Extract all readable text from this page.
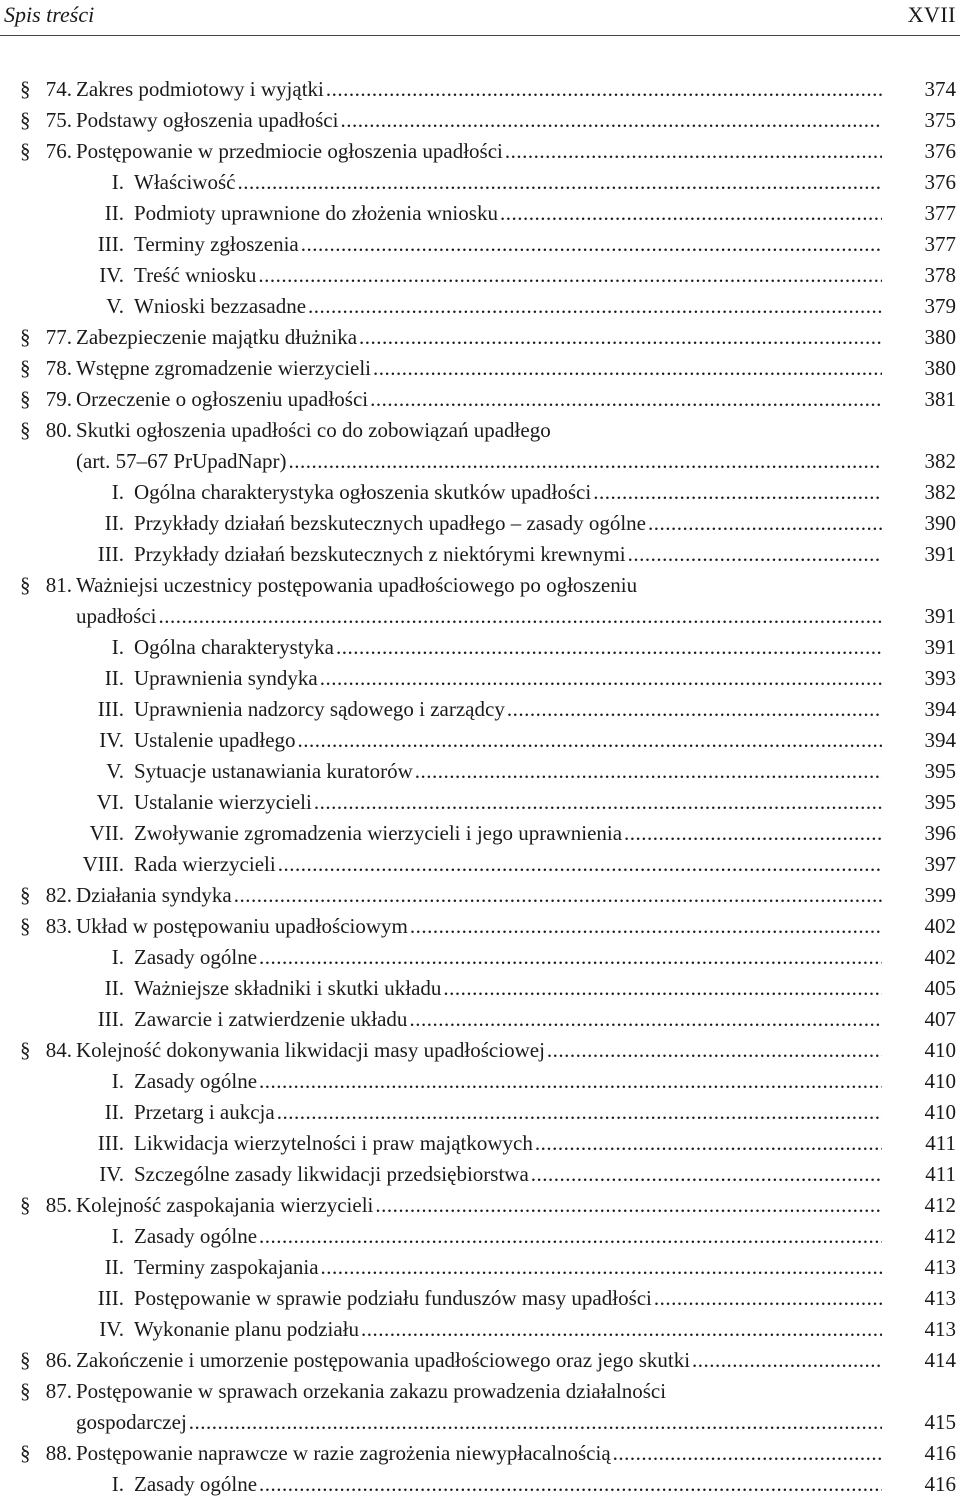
Spis treści	XVII
§ 74. Zakres podmiotowy i wyjątki .....	374
§ 75. Podstawy ogłoszenia upadłości .....	375
§ 76. Postępowanie w przedmiocie ogłoszenia upadłości .....	376
I. Właściwość .....	376
II. Podmioty uprawnione do złożenia wniosku .....	377
III. Terminy zgłoszenia .....	377
IV. Treść wniosku .....	378
V. Wnioski bezzasadne .....	379
§ 77. Zabezpieczenie majątku dłużnika .....	380
§ 78. Wstępne zgromadzenie wierzycieli .....	380
§ 79. Orzeczenie o ogłoszeniu upadłości .....	381
§ 80. Skutki ogłoszenia upadłości co do zobowiązań upadłego
(art. 57–67 PrUpadNapr) .....	382
I. Ogólna charakterystyka ogłoszenia skutków upadłości .....	382
II. Przykłady działań bezskutecznych upadłego – zasady ogólne .....	390
III. Przykłady działań bezskutecznych z niektórymi krewnymi .....	391
§ 81. Ważniejsi uczestnicy postępowania upadłościowego po ogłoszeniu
upadłości .....	391
I. Ogólna charakterystyka .....	391
II. Uprawnienia syndyka .....	393
III. Uprawnienia nadzorcy sądowego i zarządcy .....	394
IV. Ustalenie upadłego .....	394
V. Sytuacje ustanawiania kuratorów .....	395
VI. Ustalanie wierzycieli .....	395
VII. Zwoływanie zgromadzenia wierzycieli i jego uprawnienia .....	396
VIII. Rada wierzycieli .....	397
§ 82. Działania syndyka .....	399
§ 83. Układ w postępowaniu upadłościowym .....	402
I. Zasady ogólne .....	402
II. Ważniejsze składniki i skutki układu .....	405
III. Zawarcie i zatwierdzenie układu .....	407
§ 84. Kolejność dokonywania likwidacji masy upadłościowej .....	410
I. Zasady ogólne .....	410
II. Przetarg i aukcja .....	410
III. Likwidacja wierzytelności i praw majątkowych .....	411
IV. Szczególne zasady likwidacji przedsiębiorstwa .....	411
§ 85. Kolejność zaspokajania wierzycieli .....	412
I. Zasady ogólne .....	412
II. Terminy zaspokajania .....	413
III. Postępowanie w sprawie podziału funduszów masy upadłości .....	413
IV. Wykonanie planu podziału .....	413
§ 86. Zakończenie i umorzenie postępowania upadłościowego oraz jego skutki .....	414
§ 87. Postępowanie w sprawach orzekania zakazu prowadzenia działalności
gospodarczej .....	415
§ 88. Postępowanie naprawcze w razie zagrożenia niewypłacalnością .....	416
I. Zasady ogólne .....	416
